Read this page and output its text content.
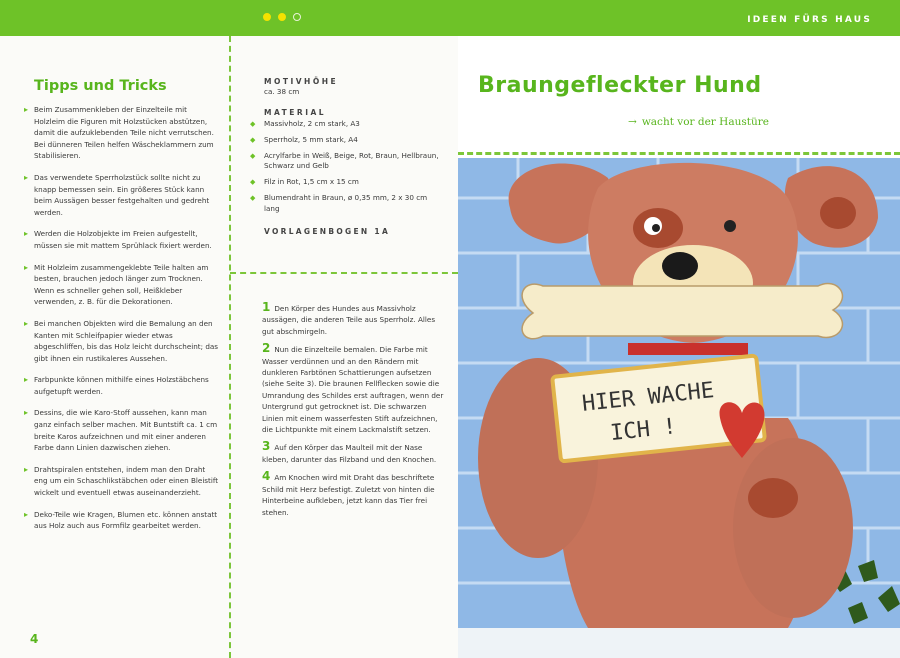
Tipps und Tricks
▸ Beim Zusammenkleben der Einzelteile mit Holzleim die Figuren mit Holzstücken abstützen, damit die aufzuklebenden Teile nicht verrutschen. Bei dünneren Teilen helfen Wäscheklammern zum Stabilisieren.
▸ Das verwendete Sperrholzstück sollte nicht zu knapp bemessen sein. Ein größeres Stück kann beim Aussägen besser festgehalten und gedreht werden.
▸ Werden die Holzobjekte im Freien aufgestellt, müssen sie mit mattem Sprühlack fixiert werden.
▸ Mit Holzleim zusammengeklebte Teile halten am besten, brauchen jedoch länger zum Trocknen. Wenn es schneller gehen soll, Heißkleber verwenden, z. B. für die Dekorationen.
▸ Bei manchen Objekten wird die Bemalung an den Kanten mit Schleifpapier wieder etwas abgeschliffen, bis das Holz leicht durchscheint; das gibt ihnen ein rustikaleres Aussehen.
▸ Farbpunkte können mithilfe eines Holzstäbchens aufgetupft werden.
▸ Dessins, die wie Karo-Stoff aussehen, kann man ganz einfach selber machen. Mit Buntstift ca. 1 cm breite Karos aufzeichnen und mit einer anderen Farbe dann Linien dazwischen ziehen.
▸ Drahtspiralen entstehen, indem man den Draht eng um ein Schaschlikstäbchen oder einen Bleistift wickelt und eventuell etwas auseinanderzieht.
▸ Deko-Teile wie Kragen, Blumen etc. können anstatt aus Holz auch aus Formfilz gearbeitet werden.
4

MOTIVHÖHE

ca. 38 cm

MATERIAL

◆ Massivholz, 2 cm stark, A3
◆ Sperrholz, 5 mm stark, A4
◆ Acrylfarbe in Weiß, Beige, Rot, Braun, Hellbraun, Schwarz und Gelb
◆ Filz in Rot, 1,5 cm x 15 cm
◆ Blumendraht in Braun, ø 0,35 mm, 2 x 30 cm lang
VORLAGENBOGEN 1A
1 Den Körper des Hundes aus Massivholz aussägen, die anderen Teile aus Sperrholz. Alles gut abschmirgeln.
2 Nun die Einzelteile bemalen. Die Farbe mit Wasser verdünnen und an den Rändern mit dunkleren Farbtönen Schattierungen aufsetzen (siehe Seite 3). Die braunen Fellflecken sowie die Umrandung des Schildes erst auftragen, wenn der Untergrund gut getrocknet ist. Die schwarzen Linien mit einem wasserfesten Stift aufzeichnen, die Lichtpunkte mit einem Lackmalstift setzen.
3 Auf den Körper das Maulteil mit der Nase kleben, darunter das Filzband und den Knochen.
4 Am Knochen wird mit Draht das beschriftete Schild mit Herz befestigt. Zuletzt von hinten die Hinterbeine aufkleben, jetzt kann das Tier frei stehen.
IDEEN FÜRS HAUS
Braungefleckter Hund
→ wacht vor der Haustüre
HIER WACHE
ICH !
